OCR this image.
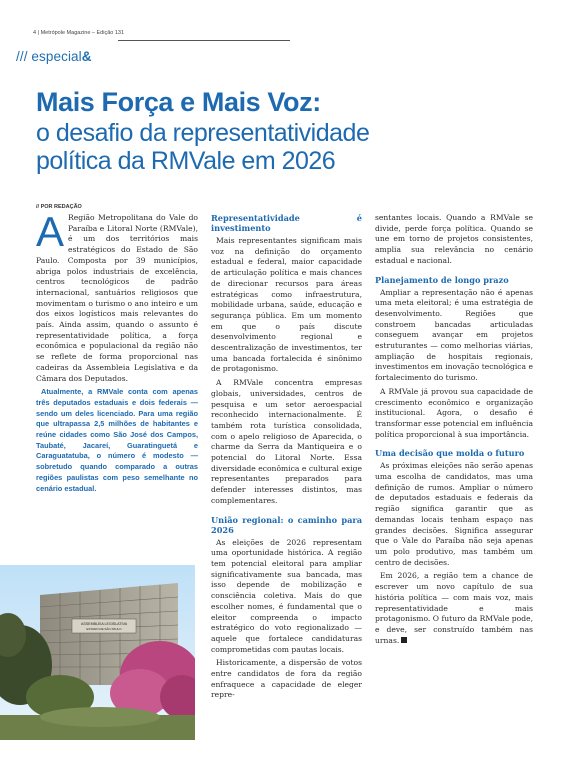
4 | Metrópole Magazine – Edição 131
/// especial&
Mais Força e Mais Voz:
o desafio da representatividade política da RMVale em 2026
// POR REDAÇÃO

A Região Metropolitana do Vale do Paraíba e Litoral Norte (RMVale), é um dos territórios mais estratégicos do Estado de São Paulo. Composta por 39 municípios, abriga polos industriais de excelência, centros tecnológicos de padrão internacional, santuários religiosos que movimentam o turismo o ano inteiro e um dos eixos logísticos mais relevantes do país. Ainda assim, quando o assunto é representatividade política, a força econômica e populacional da região não se reflete de forma proporcional nas cadeiras da Assembleia Legislativa e da Câmara dos Deputados.

Atualmente, a RMVale conta com apenas três deputados estaduais e dois federais — sendo um deles licenciado. Para uma região que ultrapassa 2,5 milhões de habitantes e reúne cidades como São José dos Campos, Taubaté, Jacareí, Guaratinguetá e Caraguatatuba, o número é modesto — sobretudo quando comparado a outras regiões paulistas com peso semelhante no cenário estadual.

Representatividade é investimento

Mais representantes significam mais voz na definição do orçamento estadual e federal, maior capacidade de articulação política e mais chances de direcionar recursos para áreas estratégicas como infraestrutura, mobilidade urbana, saúde, educação e segurança pública. Em um momento em que o país discute desenvolvimento regional e descentralização de investimentos, ter uma bancada fortalecida é sinônimo de protagonismo.

A RMVale concentra empresas globais, universidades, centros de pesquisa e um setor aeroespacial reconhecido internacionalmente. É também rota turística consolidada, com o apelo religioso de Aparecida, o charme da Serra da Mantiqueira e o potencial do Litoral Norte. Essa diversidade econômica e cultural exige representantes preparados para defender interesses distintos, mas complementares.

União regional: o caminho para 2026

As eleições de 2026 representam uma oportunidade histórica. A região tem potencial eleitoral para ampliar significativamente sua bancada, mas isso depende de mobilização e consciência coletiva. Mais do que escolher nomes, é fundamental que o eleitor compreenda o impacto estratégico do voto regionalizado — aquele que fortalece candidaturas comprometidas com pautas locais.

Historicamente, a dispersão de votos entre candidatos de fora da região enfraquece a capacidade de eleger repre-

sentantes locais. Quando a RMVale se divide, perde força política. Quando se une em torno de projetos consistentes, amplia sua relevância no cenário estadual e nacional.

Planejamento de longo prazo

Ampliar a representação não é apenas uma meta eleitoral; é uma estratégia de desenvolvimento. Regiões que constroem bancadas articuladas conseguem avançar em projetos estruturantes — como melhorias viárias, ampliação de hospitais regionais, investimentos em inovação tecnológica e fortalecimento do turismo.

A RMVale já provou sua capacidade de crescimento econômico e organização institucional. Agora, o desafio é transformar esse potencial em influência política proporcional à sua importância.

Uma decisão que molda o futuro

As próximas eleições não serão apenas uma escolha de candidatos, mas uma definição de rumos. Ampliar o número de deputados estaduais e federais da região significa garantir que as demandas locais tenham espaço nas grandes decisões. Significa assegurar que o Vale do Paraíba não seja apenas um polo produtivo, mas também um centro de decisões.

Em 2026, a região tem a chance de escrever um novo capítulo de sua história política — com mais voz, mais representatividade e mais protagonismo. O futuro da RMVale pode, e deve, ser construído também nas urnas.

ASSEMBLEIA LEGISLATIVA
ESTADO DE SÃO PAULO
